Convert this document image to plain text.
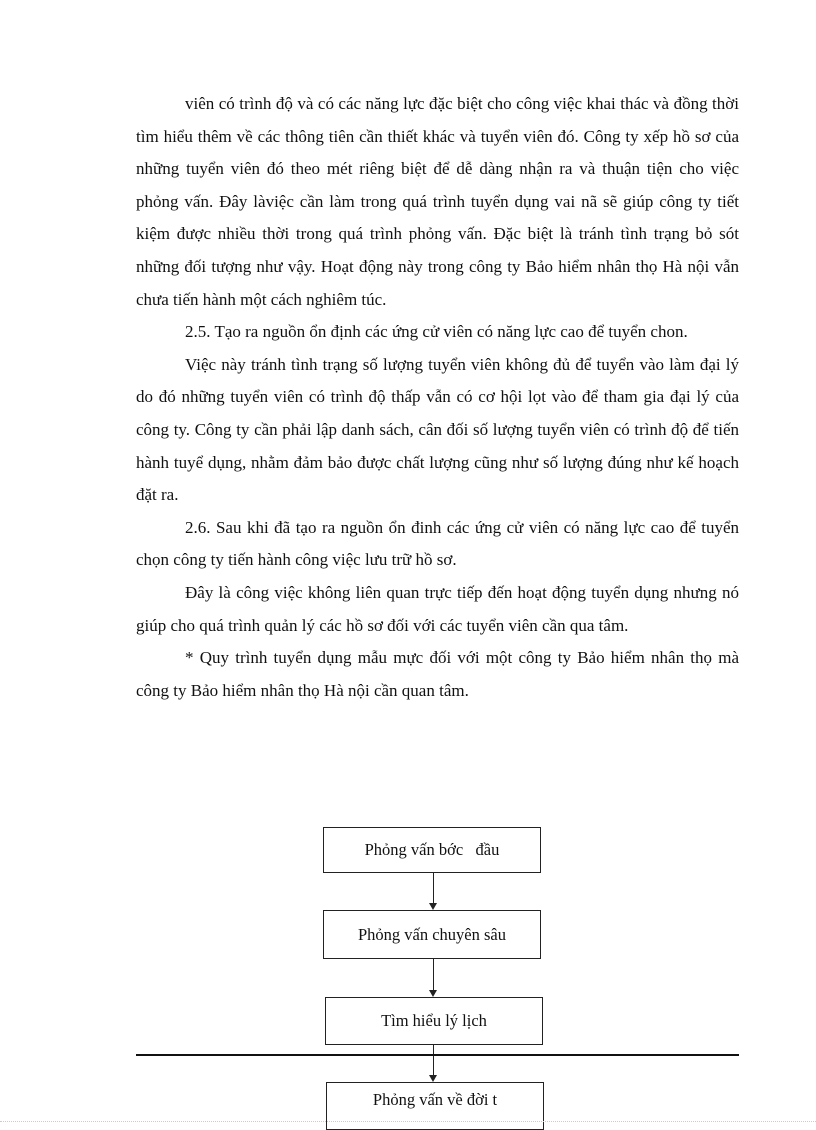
viên có trình độ và có các năng lực đặc biệt cho công việc khai thác và đồng thời tìm hiểu thêm về các thông tiên cần thiết khác và tuyển viên đó. Công ty xếp hồ sơ của những tuyển viên đó theo mét riêng biệt để dễ dàng nhận ra và thuận tiện cho việc phỏng vấn. Đây làviệc cần làm trong quá trình tuyển dụng vai nã sẽ giúp công ty tiết kiệm được nhiều thời trong quá trình phỏng vấn. Đặc biệt là tránh tình trạng bỏ sót những đối tượng như vậy. Hoạt động này trong công ty Bảo hiểm nhân thọ Hà nội vẫn chưa tiến hành một cách nghiêm túc.

2.5. Tạo ra nguồn ổn định các ứng cử viên có năng lực cao để tuyển chon.

Việc này tránh tình trạng số lượng tuyển viên không đủ để tuyển vào làm đại lý do đó những tuyển viên có trình độ thấp vẫn có cơ hội lọt vào để tham gia đại lý của công ty. Công ty cần phải lập danh sách, cân đối số lượng tuyển viên có trình độ để tiến hành tuyể dụng, nhằm đảm bảo được chất lượng cũng như số lượng đúng như kế hoạch đặt ra.

2.6. Sau khi đã tạo ra nguồn ổn đinh các ứng cử viên có năng lực cao để tuyển chọn công ty tiến hành công việc lưu trữ hồ sơ.

Đây là công việc không liên quan trực tiếp đến hoạt động tuyển dụng nhưng nó giúp cho quá trình quản lý các hồ sơ đối với các tuyển viên cần qua tâm.

* Quy trình tuyển dụng mẫu mực đối với một công ty Bảo hiểm nhân thọ mà công ty Bảo hiểm nhân thọ Hà nội cần quan tâm.

Phỏng vấn bớc   đầu
Phỏng vấn chuyên sâu
Tìm hiểu lý lịch
Phỏng vấn về đời t
